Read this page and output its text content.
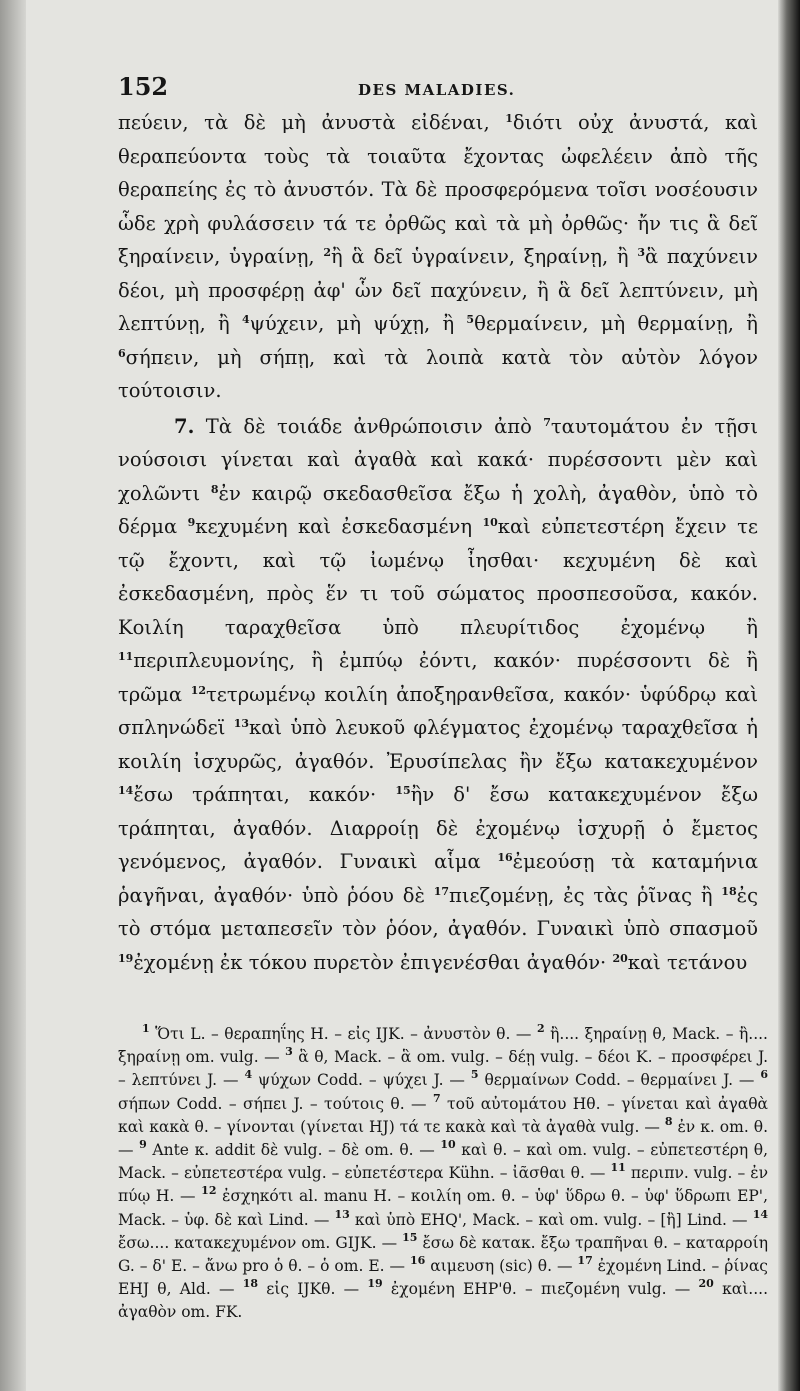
152	DES MALADIES.

πεύειν, τὰ δὲ μὴ ἀνυστὰ εἰδέναι, $^1$διότι οὐχ ἀνυστά, καὶ θεραπεύοντα τοὺς τὰ τοιαῦτα ἔχοντας ὠφελέειν ἀπὸ τῆς θεραπείης ἐς τὸ ἀνυστόν. Τὰ δὲ προσφερόμενα τοῖσι νοσέουσιν ὧδε χρὴ φυλάσσειν τά τε ὀρθῶς καὶ τὰ μὴ ὀρθῶς· ἤν τις ἃ δεῖ ξηραίνειν, ὑγραίνῃ, $^2$ἢ ἃ δεῖ ὑγραίνειν, ξηραίνῃ, ἢ $^3$ἃ παχύνειν δέοι, μὴ προσφέρῃ ἀφ' ὧν δεῖ παχύνειν, ἢ ἃ δεῖ λεπτύνειν, μὴ λεπτύνῃ, ἢ $^4$ψύχειν, μὴ ψύχῃ, ἢ $^5$θερμαίνειν, μὴ θερμαίνῃ, ἢ $^6$σήπειν, μὴ σήπῃ, καὶ τὰ λοιπὰ κατὰ τὸν αὐτὸν λόγον τούτοισιν.

7. Τὰ δὲ τοιάδε ἀνθρώποισιν ἀπὸ $^7$ταυτομάτου ἐν τῇσι νούσοισι γίνεται καὶ ἀγαθὰ καὶ κακά· πυρέσσοντι μὲν καὶ χολῶντι $^8$ἐν καιρῷ σκεδασθεῖσα ἔξω ἡ χολὴ, ἀγαθὸν, ὑπὸ τὸ δέρμα $^9$κεχυμένη καὶ ἐσκεδασμένη $^{10}$καὶ εὐπετεστέρη ἔχειν τε τῷ ἔχοντι, καὶ τῷ ἰωμένῳ ἶησθαι· κεχυμένη δὲ καὶ ἐσκεδασμένη, πρὸς ἕν τι τοῦ σώματος προσπεσοῦσα, κακόν. Κοιλίη ταραχθεῖσα ὑπὸ πλευρίτιδος ἐχομένῳ ἢ $^{11}$περιπλευμονίης, ἢ ἐμπύῳ ἐόντι, κακόν· πυρέσσοντι δὲ ἢ τρῶμα $^{12}$τετρωμένῳ κοιλίη ἀποξηρανθεῖσα, κακόν· ὑφύδρῳ καὶ σπληνώδεϊ $^{13}$καὶ ὑπὸ λευκοῦ φλέγματος ἐχομένῳ ταραχθεῖσα ἡ κοιλίη ἰσχυρῶς, ἀγαθόν. Ἐρυσίπελας ἢν ἔξω κατακεχυμένον $^{14}$ἔσω τράπηται, κακόν· $^{15}$ἢν δ' ἔσω κατακεχυμένον ἔξω τράπηται, ἀγαθόν. Διαρροίῃ δὲ ἐχομένῳ ἰσχυρῇ ὁ ἔμετος γενόμενος, ἀγαθόν. Γυναικὶ αἷμα $^{16}$ἐμεούσῃ τὰ καταμήνια ῥαγῆναι, ἀγαθόν· ὑπὸ ῥόου δὲ $^{17}$πιεζομένῃ, ἐς τὰς ῥῖνας ἢ $^{18}$ἐς τὸ στόμα μεταπεσεῖν τὸν ῥόον, ἀγαθόν. Γυναικὶ ὑπὸ σπασμοῦ $^{19}$ἐχομένῃ ἐκ τόκου πυρετὸν ἐπιγενέσθαι ἀγαθόν· $^{20}$καὶ τετάνου

$^1$ Ὅτι L. – θεραπηΐης H. – εἰς IJK. – ἀνυστὸν θ. — $^2$ ἢ.... ξηραίνῃ θ, Mack. – ἢ.... ξηραίνῃ om. vulg. — $^3$ ἃ θ, Mack. – ἃ om. vulg. – δέῃ vulg. – δέοι K. – προσφέρει J. – λεπτύνει J. — $^4$ ψύχων Codd. – ψύχει J. — $^5$ θερμαίνων Codd. – θερμαίνει J. — $^6$ σήπων Codd. – σήπει J. – τούτοις θ. — $^7$ τοῦ αὐτομάτου Hθ. – γίνεται καὶ ἀγαθὰ καὶ κακὰ θ. – γίνονται (γίνεται HJ) τά τε κακὰ καὶ τὰ ἀγαθὰ vulg. — $^8$ ἐν κ. om. θ. — $^9$ Ante κ. addit δὲ vulg. – δὲ om. θ. — $^{10}$ καὶ θ. – καὶ om. vulg. – εὐπετεστέρη θ, Mack. – εὐπετεστέρα vulg. – εὐπετέστερα Kühn. – ἰᾶσθαι θ. — $^{11}$ περιπν. vulg. – ἐν πύῳ H. — $^{12}$ ἐσχηκότι al. manu H. – κοιλίη om. θ. – ὑφ' ὕδρω θ. – ὑφ' ὕδρωπι EP', Mack. – ὑφ. δὲ καὶ Lind. — $^{13}$ καὶ ὑπὸ EHQ', Mack. – καὶ om. vulg. – [ἢ] Lind. — $^{14}$ ἔσω.... κατακεχυμένον om. GIJK. — $^{15}$ ἔσω δὲ κατακ. ἔξω τραπῆναι θ. – καταρροίη G. – δ' E. – ἄνω pro ὁ θ. – ὁ om. E. — $^{16}$ αιμευση (sic) θ. — $^{17}$ ἐχομένη Lind. – ῥίνας EHJ θ, Ald. — $^{18}$ εἰς IJKθ. — $^{19}$ ἐχομένη EHP'θ. – πιεζομένη vulg. — $^{20}$ καὶ.... ἀγαθὸν om. FK.
